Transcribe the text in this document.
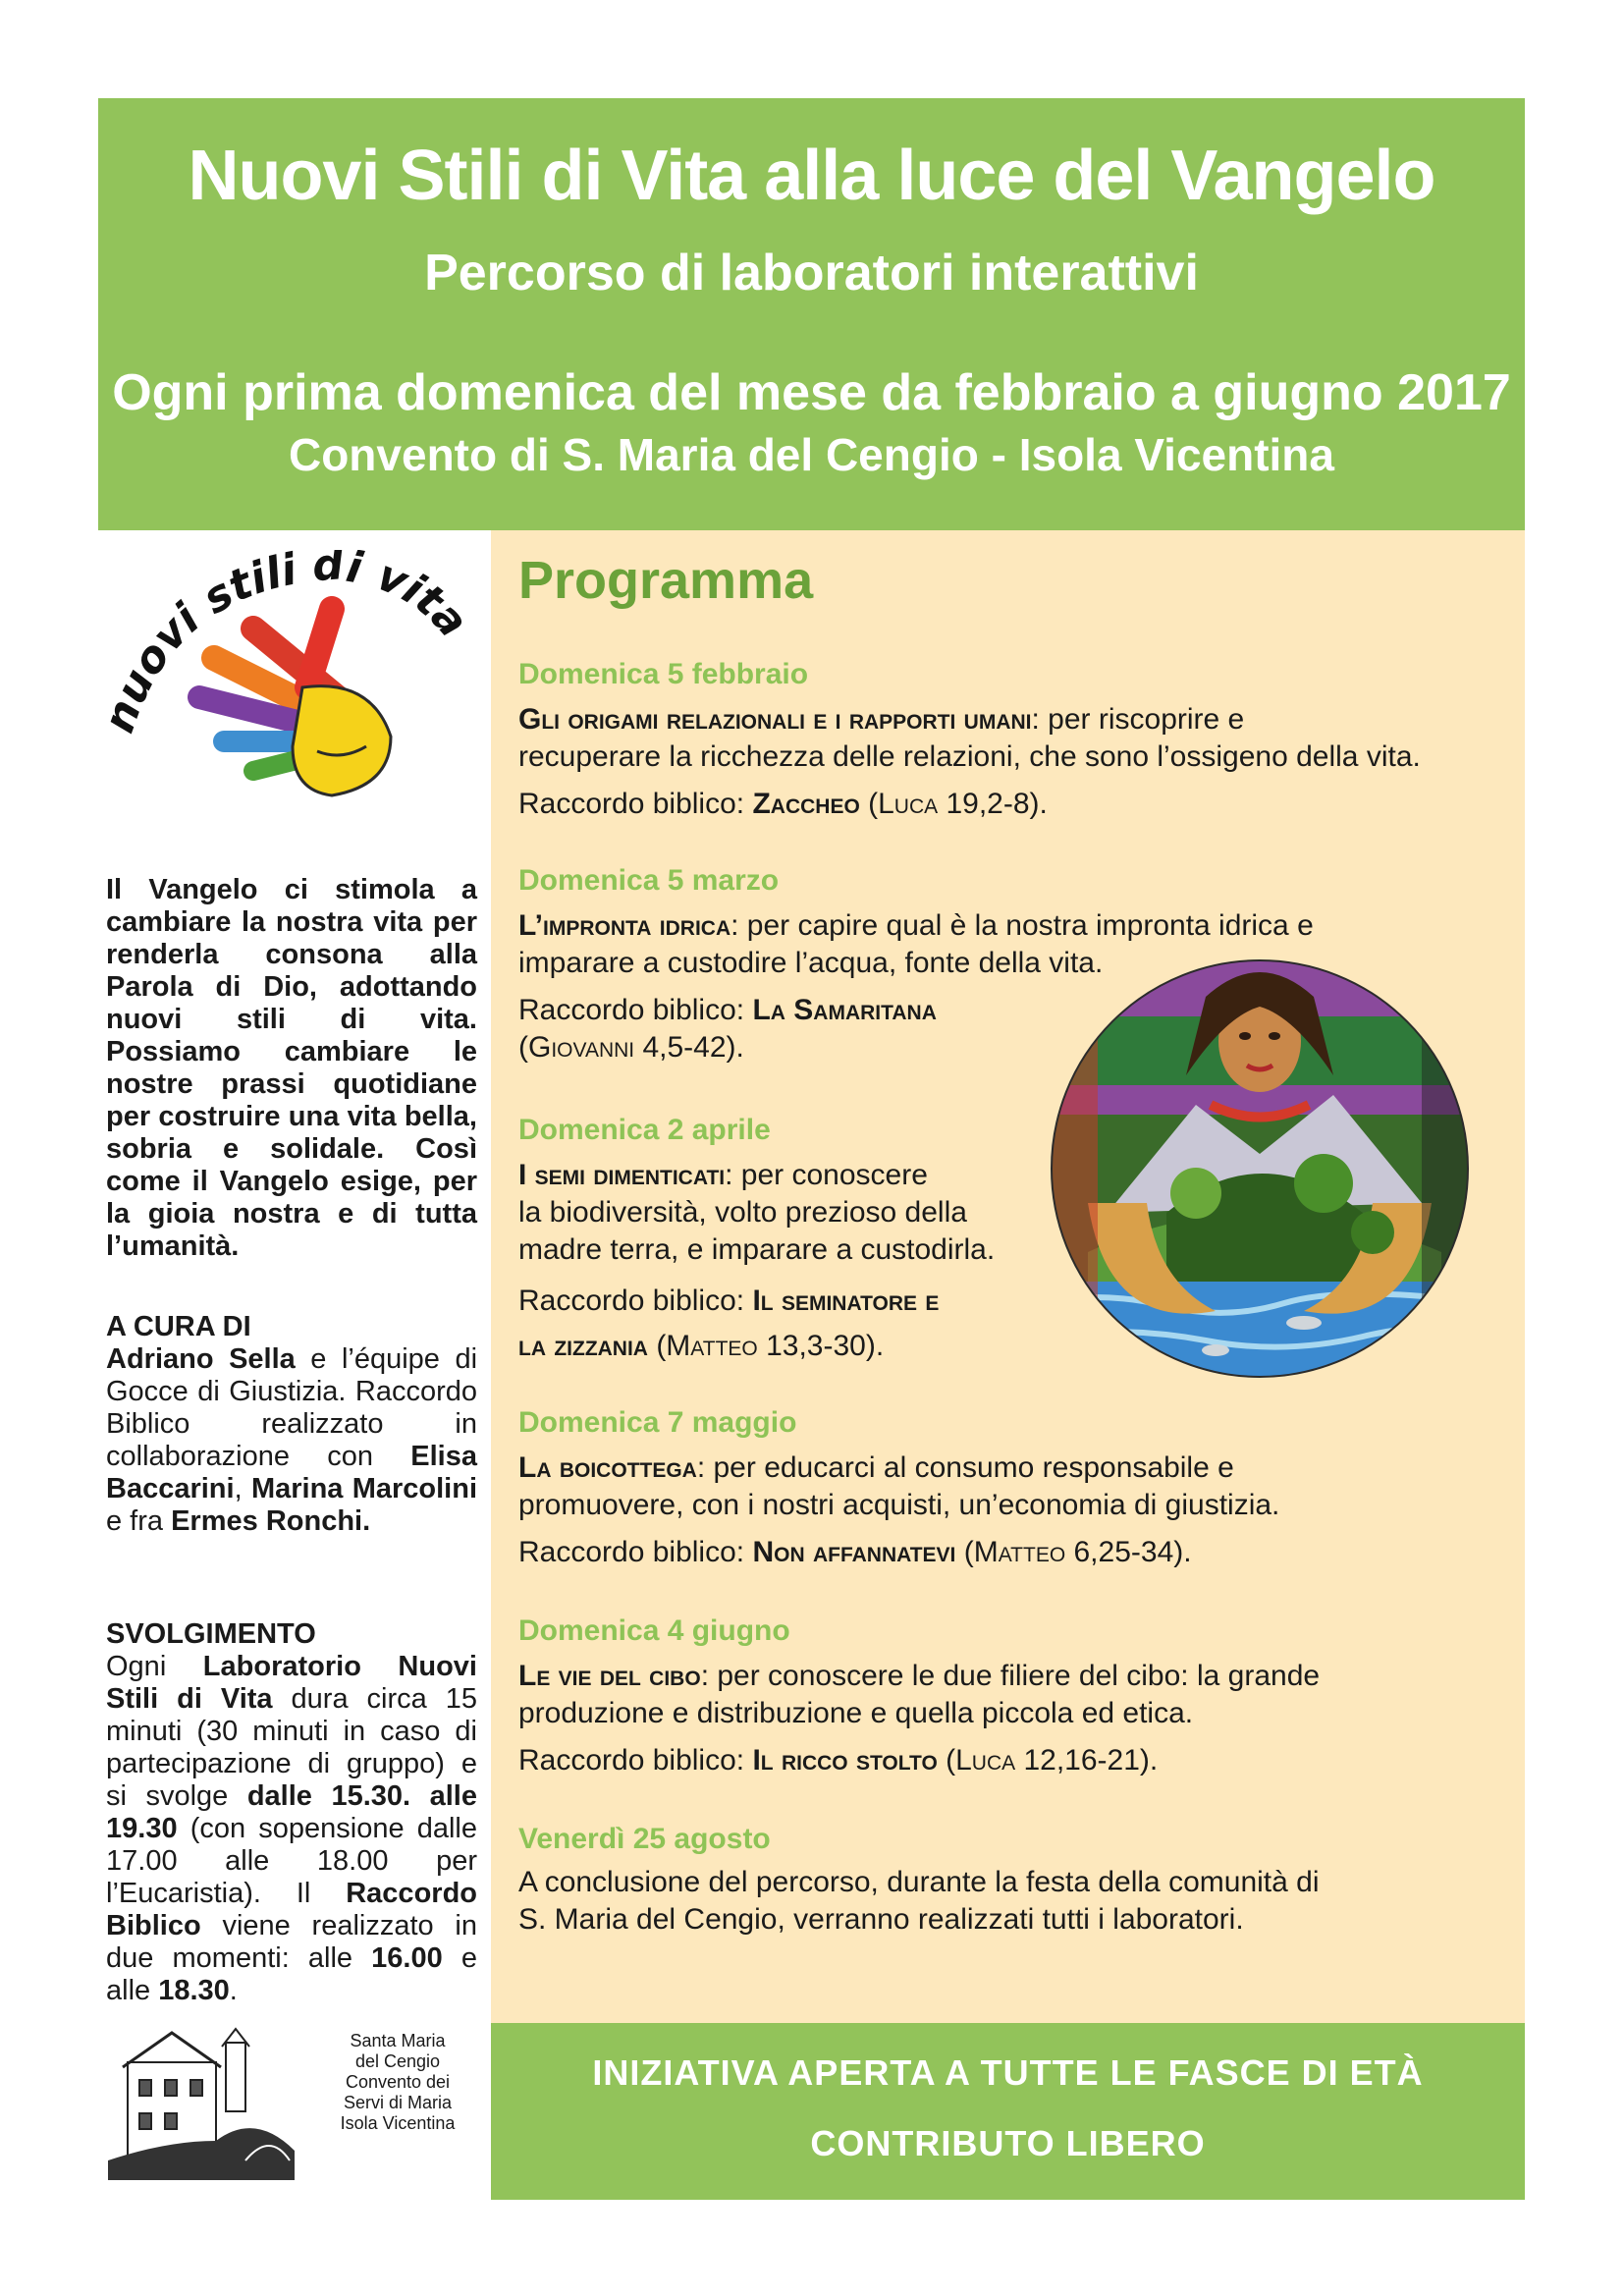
Nuovi Stili di Vita alla luce del Vangelo
Percorso di laboratori interattivi
Ogni prima domenica del mese da febbraio a giugno 2017
Convento di S. Maria del Cengio - Isola Vicentina
uovi stili di vita
Programma
Domenica 5 febbraio
Gli origami relazionali e i rapporti umani: per riscoprire e
recuperare la ricchezza delle relazioni, che sono l’ossigeno della vita.
Raccordo biblico: Zaccheo (Luca 19,2-8).
Domenica 5 marzo
L’impronta idrica: per capire qual è la nostra impronta idrica e
imparare a custodire l’acqua, fonte della vita.
Raccordo biblico: La Samaritana
(Giovanni 4,5-42).
Domenica 2 aprile
I semi dimenticati: per conoscere
la biodiversità, volto prezioso della
madre terra, e imparare a custodirla.
Raccordo biblico: Il seminatore e
la zizzania (Matteo 13,3-30).
Domenica 7 maggio
La boicottega: per educarci al consumo responsabile e
promuovere, con i nostri acquisti, un’economia di giustizia.
Raccordo biblico: Non affannatevi (Matteo 6,25-34).
Domenica 4 giugno
Le vie del cibo: per conoscere le due filiere del cibo: la grande
produzione e distribuzione e quella piccola ed etica.
Raccordo biblico: Il ricco stolto (Luca 12,16-21).
Venerdì 25 agosto
A conclusione del percorso, durante la festa della comunità di
S. Maria del Cengio, verranno realizzati tutti i laboratori.
Il Vangelo ci stimola a cambiare la nostra vita per renderla consona alla Parola di Dio, adottando nuovi stili di vita. Possiamo cambiare le nostre prassi quotidiane per costruire una vita bella, sobria e solidale. Così come il Vangelo esige, per la gioia nostra e di tutta l’umanità.
A CURA DI
Adriano Sella e l’équipe di Gocce di Giustizia. Raccordo Biblico realizzato in collaborazione con Elisa Baccarini, Marina Marcolini e fra Ermes Ronchi.
SVOLGIMENTO
Ogni Laboratorio Nuovi Stili di Vita dura circa 15 minuti (30 minuti in caso di partecipazione di gruppo) e si svolge dalle 15.30. alle 19.30 (con sopensione dalle 17.00 alle 18.00 per l’Eucaristia). Il Raccordo Biblico viene realizzato in due momenti: alle 16.00 e alle 18.30.
Santa Maria
del Cengio
Convento dei
Servi di Maria
Isola Vicentina
INIZIATIVA APERTA A TUTTE LE FASCE DI ETÀ
CONTRIBUTO LIBERO
